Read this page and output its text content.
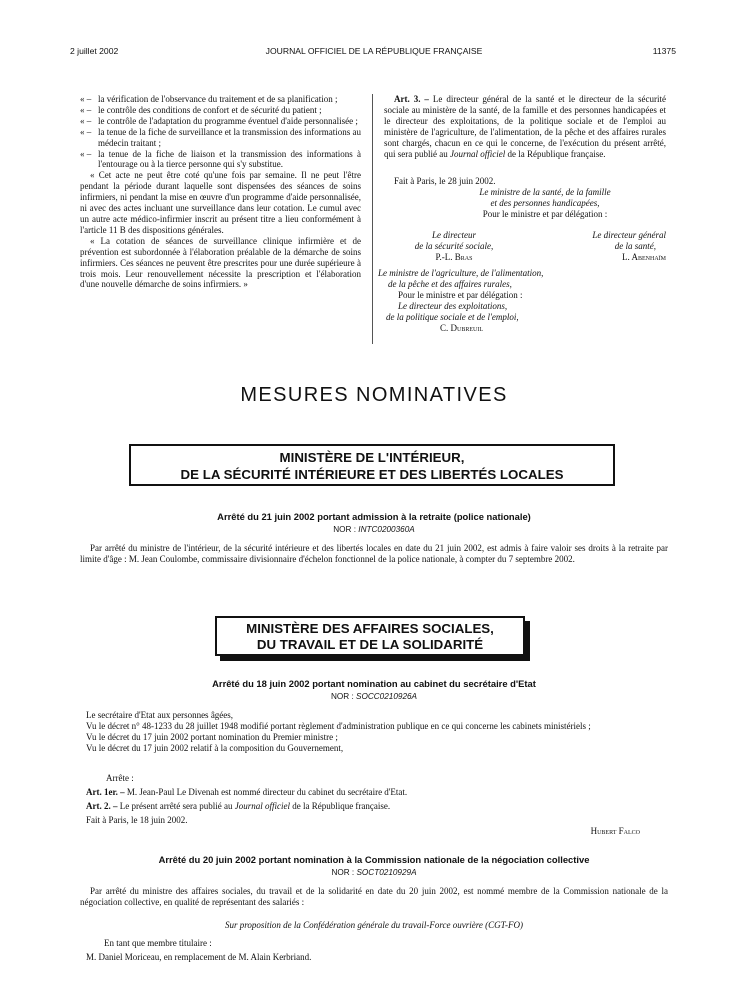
2 juillet 2002	JOURNAL OFFICIEL DE LA RÉPUBLIQUE FRANÇAISE	11375
« – la vérification de l'observance du traitement et de sa planification ;
« – le contrôle des conditions de confort et de sécurité du patient ;
« – le contrôle de l'adaptation du programme éventuel d'aide personnalisée ;
« – la tenue de la fiche de surveillance et la transmission des informations au médecin traitant ;
« – la tenue de la fiche de liaison et la transmission des informations à l'entourage ou à la tierce personne qui s'y substitue.

« Cet acte ne peut être coté qu'une fois par semaine. Il ne peut l'être pendant la période durant laquelle sont dispensées des séances de soins infirmiers, ni pendant la mise en œuvre d'un programme d'aide personnalisée, ni avec des actes incluant une surveillance dans leur cotation. Le cumul avec un autre acte médico-infirmier inscrit au présent titre a lieu conformément à l'article 11 B des dispositions générales.

« La cotation de séances de surveillance clinique infirmière et de prévention est subordonnée à l'élaboration préalable de la démarche de soins infirmiers. Ces séances ne peuvent être prescrites pour une durée supérieure à trois mois. Leur renouvellement nécessite la prescription et l'élaboration d'une nouvelle démarche de soins infirmiers. »

Art. 3. – Le directeur général de la santé et le directeur de la sécurité sociale au ministère de la santé, de la famille et des personnes handicapées et le directeur des exploitations, de la politique sociale et de l'emploi au ministère de l'agriculture, de l'alimentation, de la pêche et des affaires rurales sont chargés, chacun en ce qui le concerne, de l'exécution du présent arrêté, qui sera publié au Journal officiel de la République française.

Fait à Paris, le 28 juin 2002.
Le ministre de la santé, de la famille
et des personnes handicapées,
Pour le ministre et par délégation :
Le directeur
de la sécurité sociale,
P.-L. Bras
Le directeur général
de la santé,
L. Abenhaïm
Le ministre de l'agriculture, de l'alimentation,
de la pêche et des affaires rurales,
Pour le ministre et par délégation :
Le directeur des exploitations,
de la politique sociale et de l'emploi,
C. Dubreuil
MESURES NOMINATIVES
MINISTÈRE DE L'INTÉRIEUR,
DE LA SÉCURITÉ INTÉRIEURE ET DES LIBERTÉS LOCALES
Arrêté du 21 juin 2002 portant admission à la retraite (police nationale)
NOR : INTC0200360A
Par arrêté du ministre de l'intérieur, de la sécurité intérieure et des libertés locales en date du 21 juin 2002, est admis à faire valoir ses droits à la retraite par limite d'âge : M. Jean Coulombe, commissaire divisionnaire d'échelon fonctionnel de la police nationale, à compter du 7 septembre 2002.
MINISTÈRE DES AFFAIRES SOCIALES,
DU TRAVAIL ET DE LA SOLIDARITÉ
Arrêté du 18 juin 2002 portant nomination au cabinet du secrétaire d'Etat
NOR : SOCC0210926A
Le secrétaire d'Etat aux personnes âgées,
Vu le décret n° 48-1233 du 28 juillet 1948 modifié portant règlement d'administration publique en ce qui concerne les cabinets ministériels ;
Vu le décret du 17 juin 2002 portant nomination du Premier ministre ;
Vu le décret du 17 juin 2002 relatif à la composition du Gouvernement,
Arrête :
Art. 1er. – M. Jean-Paul Le Divenah est nommé directeur du cabinet du secrétaire d'Etat.
Art. 2. – Le présent arrêté sera publié au Journal officiel de la République française.
Fait à Paris, le 18 juin 2002.
Hubert Falco
Arrêté du 20 juin 2002 portant nomination à la Commission nationale de la négociation collective
NOR : SOCT0210929A
Par arrêté du ministre des affaires sociales, du travail et de la solidarité en date du 20 juin 2002, est nommé membre de la Commission nationale de la négociation collective, en qualité de représentant des salariés :
Sur proposition de la Confédération générale du travail-Force ouvrière (CGT-FO)
En tant que membre titulaire :
M. Daniel Moriceau, en remplacement de M. Alain Kerbriand.
